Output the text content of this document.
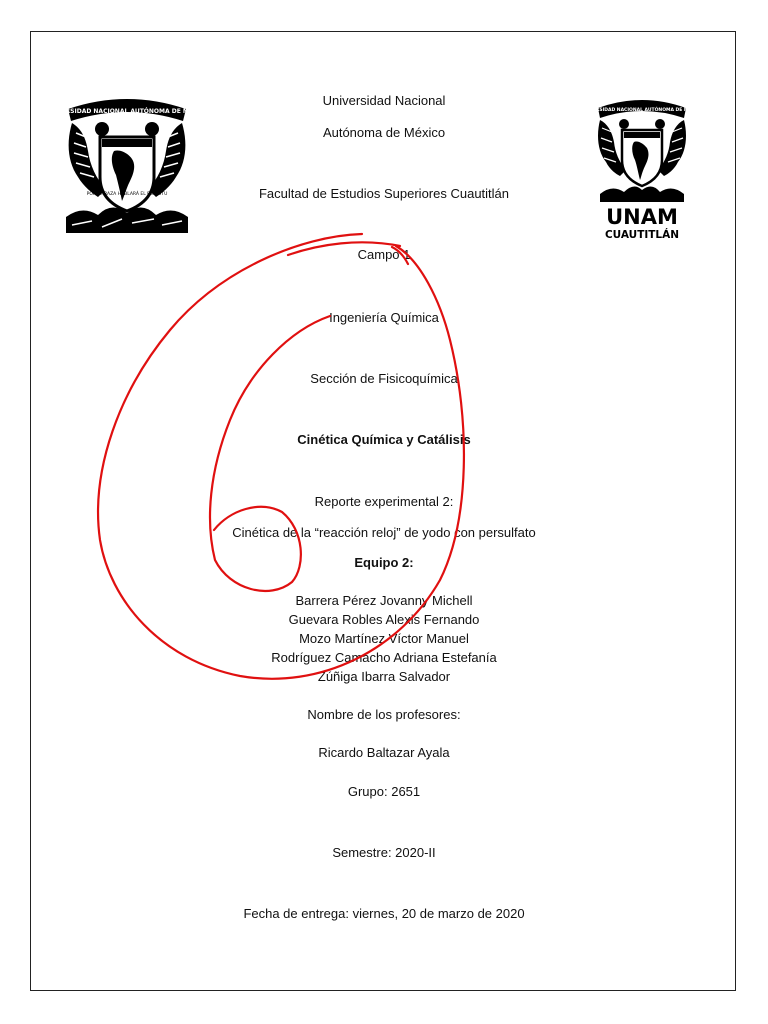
UNIVERSIDAD NACIONAL AUTÓNOMA DE MÉXICO
POR MI RAZA HABLARÁ EL ESPÍRITU
UNIVERSIDAD NACIONAL AUTÓNOMA DE MÉXICO
UNAM
CUAUTITLÁN
Universidad Nacional
Autónoma de México
Facultad de Estudios Superiores Cuautitlán
Campo 1
Ingeniería Química
Sección de Fisicoquímica
Cinética Química y Catálisis
Reporte experimental 2:
Cinética de la “reacción reloj” de yodo con persulfato
Equipo 2:
Barrera Pérez Jovanny Michell
Guevara Robles Alexis Fernando
Mozo Martínez Víctor Manuel
Rodríguez Camacho Adriana Estefanía
Zúñiga Ibarra Salvador
Nombre de los profesores:
Ricardo Baltazar Ayala
Grupo: 2651
Semestre: 2020-II
Fecha de entrega: viernes, 20 de marzo de 2020
